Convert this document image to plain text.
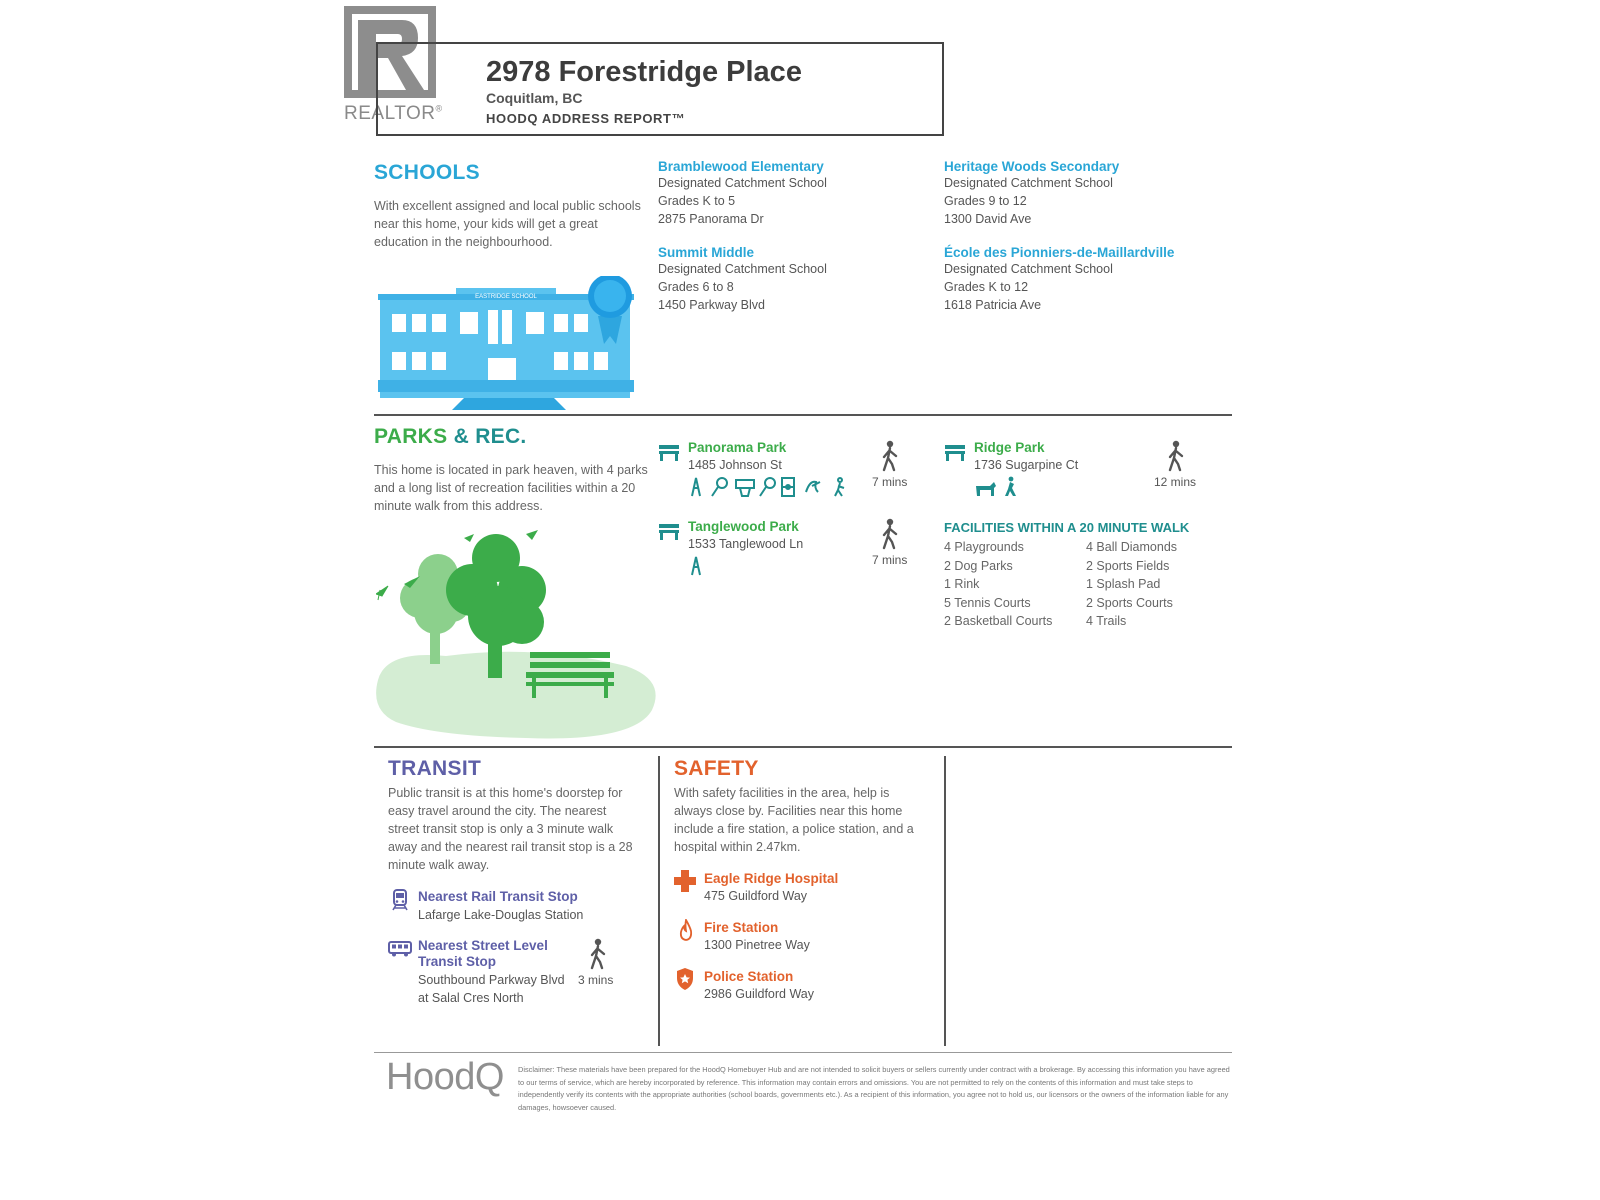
REALTOR®
2978 Forestridge Place
Coquitlam, BC
HOODQ ADDRESS REPORT™
SCHOOLS
With excellent assigned and local public schools
near this home, your kids will get a great
education in the neighbourhood.
EASTRIDGE SCHOOL
Bramblewood Elementary
Designated Catchment School
Grades K to 5
2875 Panorama Dr
Heritage Woods Secondary
Designated Catchment School
Grades 9 to 12
1300 David Ave
Summit Middle
Designated Catchment School
Grades 6 to 8
1450 Parkway Blvd
École des Pionniers-de-Maillardville
Designated Catchment School
Grades K to 12
1618 Patricia Ave
PARKS & REC.
This home is located in park heaven, with 4 parks
and a long list of recreation facilities within a 20
minute walk from this address.
Panorama Park
1485 Johnson St
7 mins
Ridge Park
1736 Sugarpine Ct
12 mins
Tanglewood Park
1533 Tanglewood Ln
7 mins
FACILITIES WITHIN A 20 MINUTE WALK
4 Playgrounds
2 Dog Parks
1 Rink
5 Tennis Courts
2 Basketball Courts
4 Ball Diamonds
2 Sports Fields
1 Splash Pad
2 Sports Courts
4 Trails
TRANSIT
Public transit is at this home's doorstep for
easy travel around the city. The nearest
street transit stop is only a 3 minute walk
away and the nearest rail transit stop is a 28
minute walk away.
Nearest Rail Transit Stop
Lafarge Lake-Douglas Station
Nearest Street Level
Transit Stop
Southbound Parkway Blvd
at Salal Cres North
3 mins
SAFETY
With safety facilities in the area, help is
always close by. Facilities near this home
include a fire station, a police station, and a
hospital within 2.47km.
Eagle Ridge Hospital
475 Guildford Way
Fire Station
1300 Pinetree Way
Police Station
2986 Guildford Way
HoodQ Disclaimer: These materials have been prepared for the HoodQ Homebuyer Hub and are not intended to solicit buyers or sellers currently under contract with a brokerage. By accessing this information you have agreed to our terms of service, which are hereby incorporated by reference. This information may contain errors and omissions. You are not permitted to rely on the contents of this information and must take steps to independently verify its contents with the appropriate authorities (school boards, governments etc.). As a recipient of this information, you agree not to hold us, our licensors or the owners of the information liable for any damages, howsoever caused.
